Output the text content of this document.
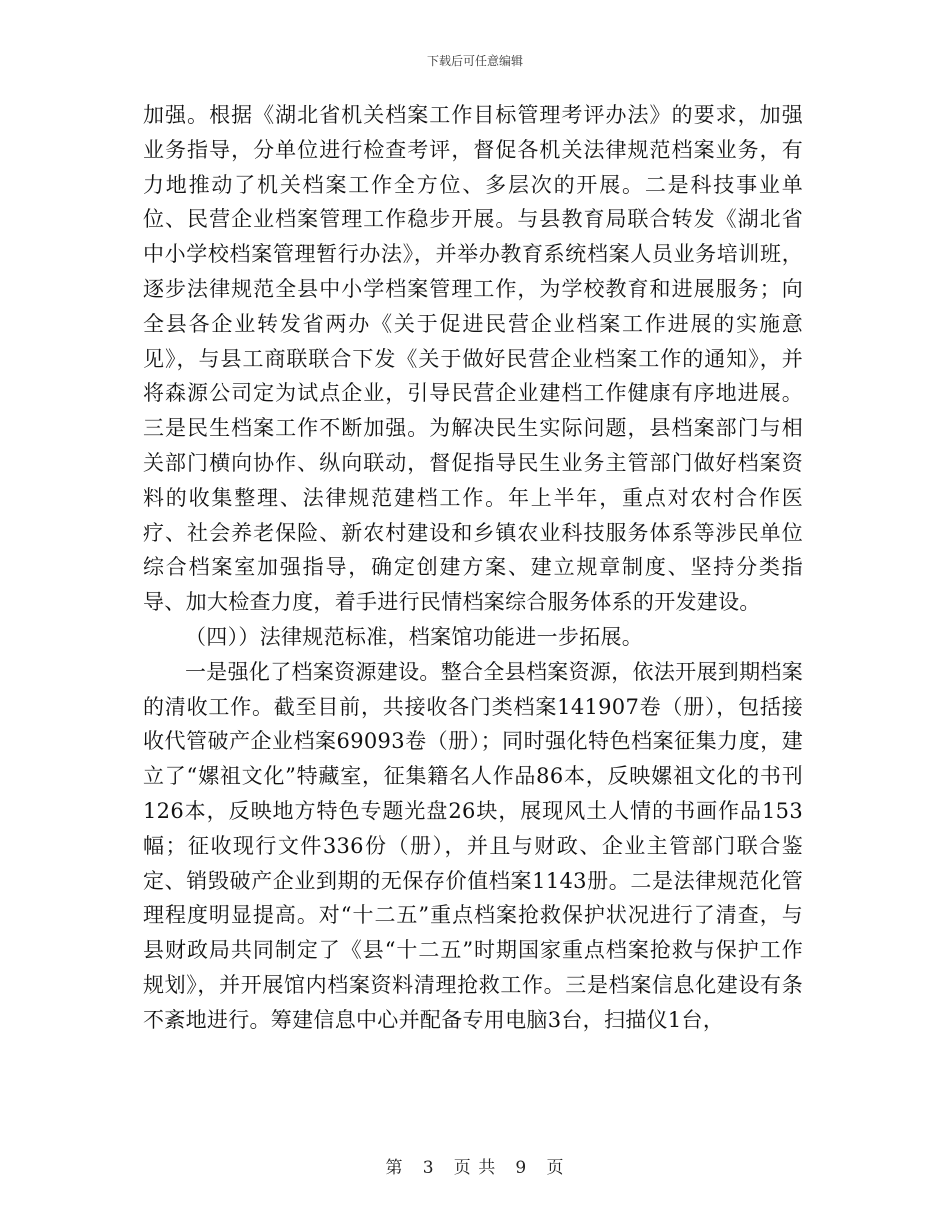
下载后可任意编辑

加强。根据《湖北省机关档案工作目标管理考评办法》的要求，加强业务指导，分单位进行检查考评，督促各机关法律规范档案业务，有力地推动了机关档案工作全方位、多层次的开展。二是科技事业单位、民营企业档案管理工作稳步开展。与县教育局联合转发《湖北省中小学校档案管理暂行办法》，并举办教育系统档案人员业务培训班，逐步法律规范全县中小学档案管理工作，为学校教育和进展服务；向全县各企业转发省两办《关于促进民营企业档案工作进展的实施意见》，与县工商联联合下发《关于做好民营企业档案工作的通知》，并将森源公司定为试点企业，引导民营企业建档工作健康有序地进展。三是民生档案工作不断加强。为解决民生实际问题，县档案部门与相关部门横向协作、纵向联动，督促指导民生业务主管部门做好档案资料的收集整理、法律规范建档工作。年上半年，重点对农村合作医疗、社会养老保险、新农村建设和乡镇农业科技服务体系等涉民单位综合档案室加强指导，确定创建方案、建立规章制度、坚持分类指导、加大检查力度，着手进行民情档案综合服务体系的开发建设。

（四））法律规范标准，档案馆功能进一步拓展。

一是强化了档案资源建设。整合全县档案资源，依法开展到期档案的清收工作。截至目前，共接收各门类档案141907卷（册），包括接收代管破产企业档案69093卷（册）；同时强化特色档案征集力度，建立了“嫘祖文化”特藏室，征集籍名人作品86本，反映嫘祖文化的书刊126本，反映地方特色专题光盘26块，展现风土人情的书画作品153幅；征收现行文件336份（册），并且与财政、企业主管部门联合鉴定、销毁破产企业到期的无保存价值档案1143册。二是法律规范化管理程度明显提高。对“十二五”重点档案抢救保护状况进行了清查，与县财政局共同制定了《县“十二五”时期国家重点档案抢救与保护工作规划》，并开展馆内档案资料清理抢救工作。三是档案信息化建设有条不紊地进行。筹建信息中心并配备专用电脑3台，扫描仪1台，

第 3 页 共 9 页
